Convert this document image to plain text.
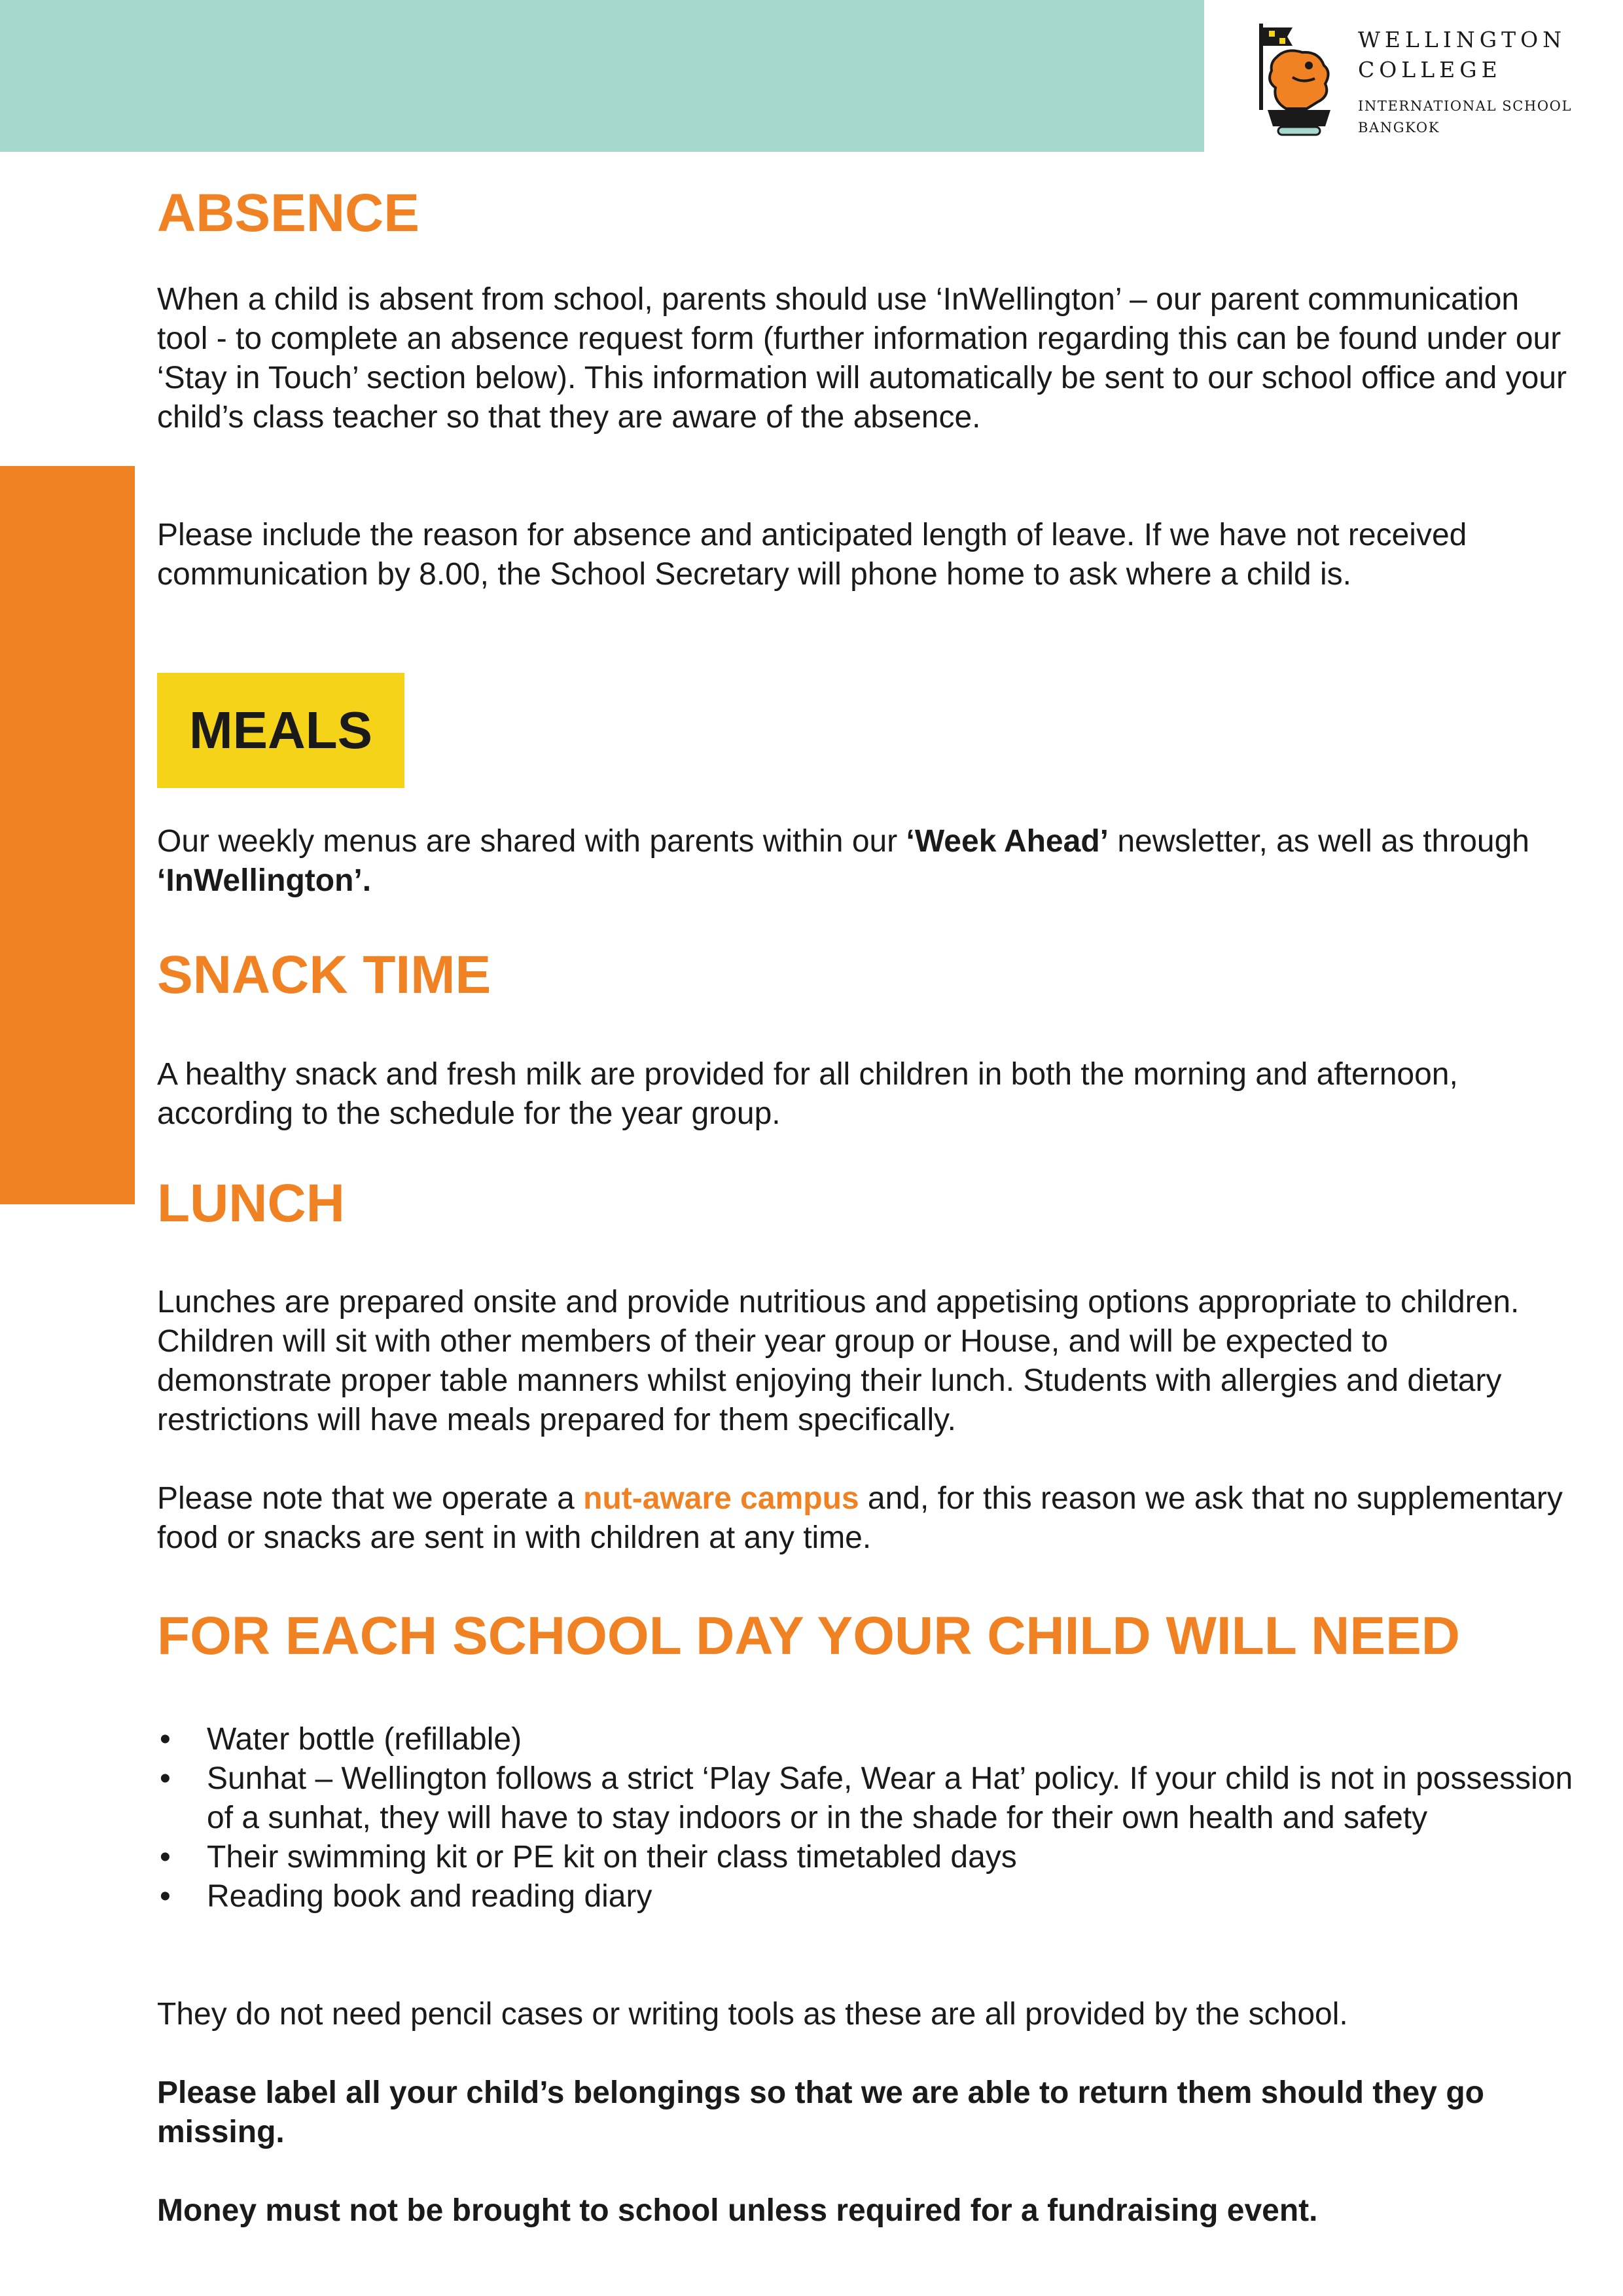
WELLINGTON
COLLEGE
INTERNATIONAL SCHOOL
BANGKOK
ABSENCE

When a child is absent from school, parents should use ‘InWellington’ – our parent communication tool - to complete an absence request form (further information regarding this can be found under our ‘Stay in Touch’ section below). This information will automatically be sent to our school office and your child’s class teacher so that they are aware of the absence.

Please include the reason for absence and anticipated length of leave. If we have not received communication by 8.00, the School Secretary will phone home to ask where a child is.

MEALS

Our weekly menus are shared with parents within our ‘Week Ahead’ newsletter, as well as through ‘InWellington’.

SNACK TIME

A healthy snack and fresh milk are provided for all children in both the morning and afternoon, according to the schedule for the year group.

LUNCH

Lunches are prepared onsite and provide nutritious and appetising options appropriate to children. Children will sit with other members of their year group or House, and will be expected to demonstrate proper table manners whilst enjoying their lunch. Students with allergies and dietary restrictions will have meals prepared for them specifically.

Please note that we operate a nut-aware campus and, for this reason we ask that no supplementary food or snacks are sent in with children at any time.

FOR EACH SCHOOL DAY YOUR CHILD WILL NEED
• Water bottle (refillable)
• Sunhat – Wellington follows a strict ‘Play Safe, Wear a Hat’ policy. If your child is not in possession of a sunhat, they will have to stay indoors or in the shade for their own health and safety
• Their swimming kit or PE kit on their class timetabled days
• Reading book and reading diary

They do not need pencil cases or writing tools as these are all provided by the school.

Please label all your child’s belongings so that we are able to return them should they go missing.

Money must not be brought to school unless required for a fundraising event.
